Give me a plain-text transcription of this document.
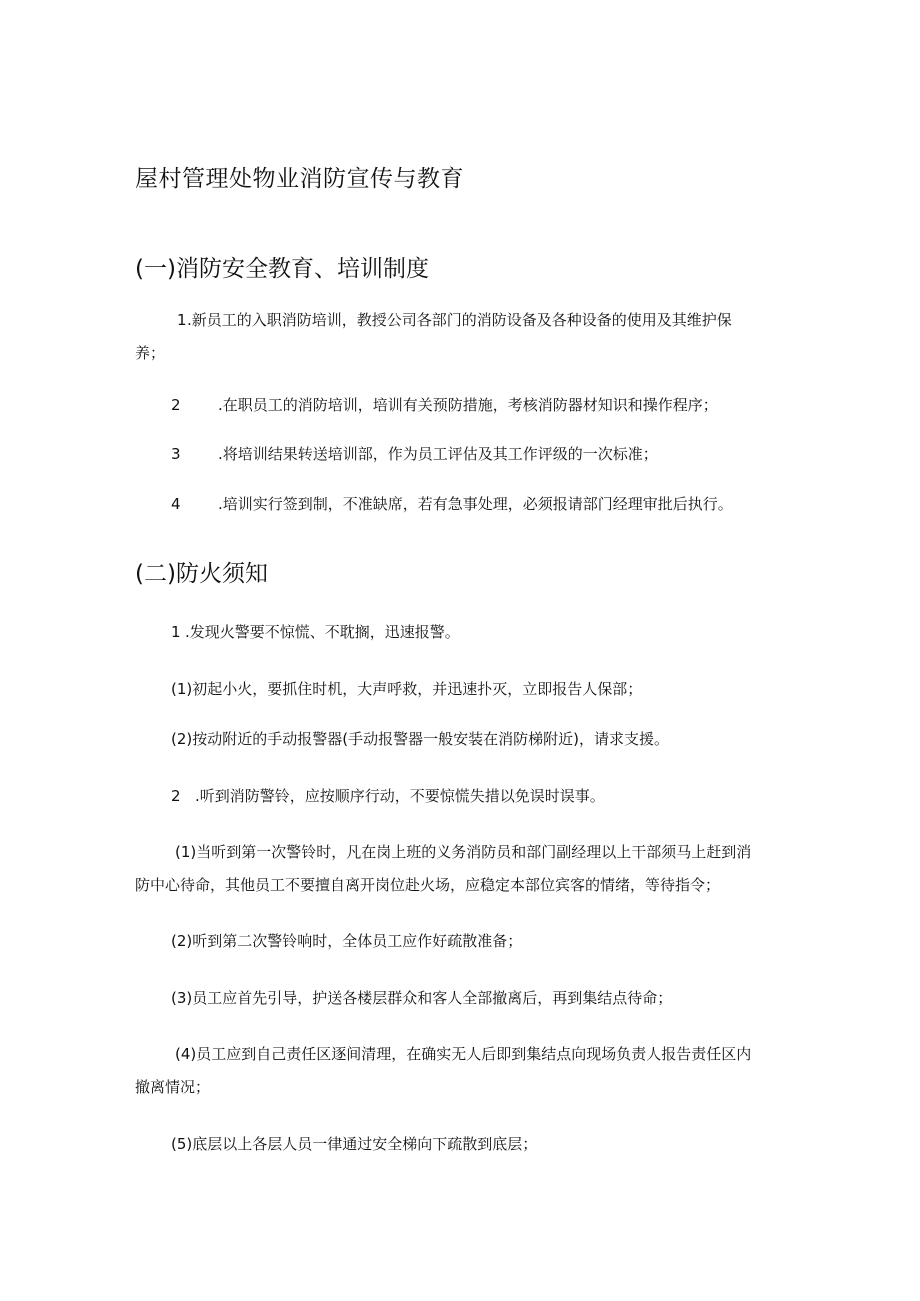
屋村管理处物业消防宣传与教育
(一)消防安全教育、培训制度
1 .新员工的入职消防培训，教授公司各部门的消防设备及各种设备的使用及其维护保
养；
2 .在职员工的消防培训，培训有关预防措施，考核消防器材知识和操作程序；
3 .将培训结果转送培训部，作为员工评估及其工作评级的一次标准；
4 .培训实行签到制，不准缺席，若有急事处理，必须报请部门经理审批后执行。
(二)防火须知
1 .发现火警要不惊慌、不耽搁，迅速报警。
(1)初起小火，要抓住时机，大声呼救，并迅速扑灭，立即报告人保部；
(2)按动附近的手动报警器(手动报警器一般安装在消防梯附近)，请求支援。
2 .听到消防警铃，应按顺序行动，不要惊慌失措以免误时误事。
(1)当听到第一次警铃时，凡在岗上班的义务消防员和部门副经理以上干部须马上赶到消
防中心待命，其他员工不要擅自离开岗位赴火场，应稳定本部位宾客的情绪，等待指令；
(2)听到第二次警铃响时，全体员工应作好疏散准备；
(3)员工应首先引导，护送各楼层群众和客人全部撤离后，再到集结点待命；
(4)员工应到自己责任区逐间清理，在确实无人后即到集结点向现场负责人报告责任区内
撤离情况；
(5)底层以上各层人员一律通过安全梯向下疏散到底层；
